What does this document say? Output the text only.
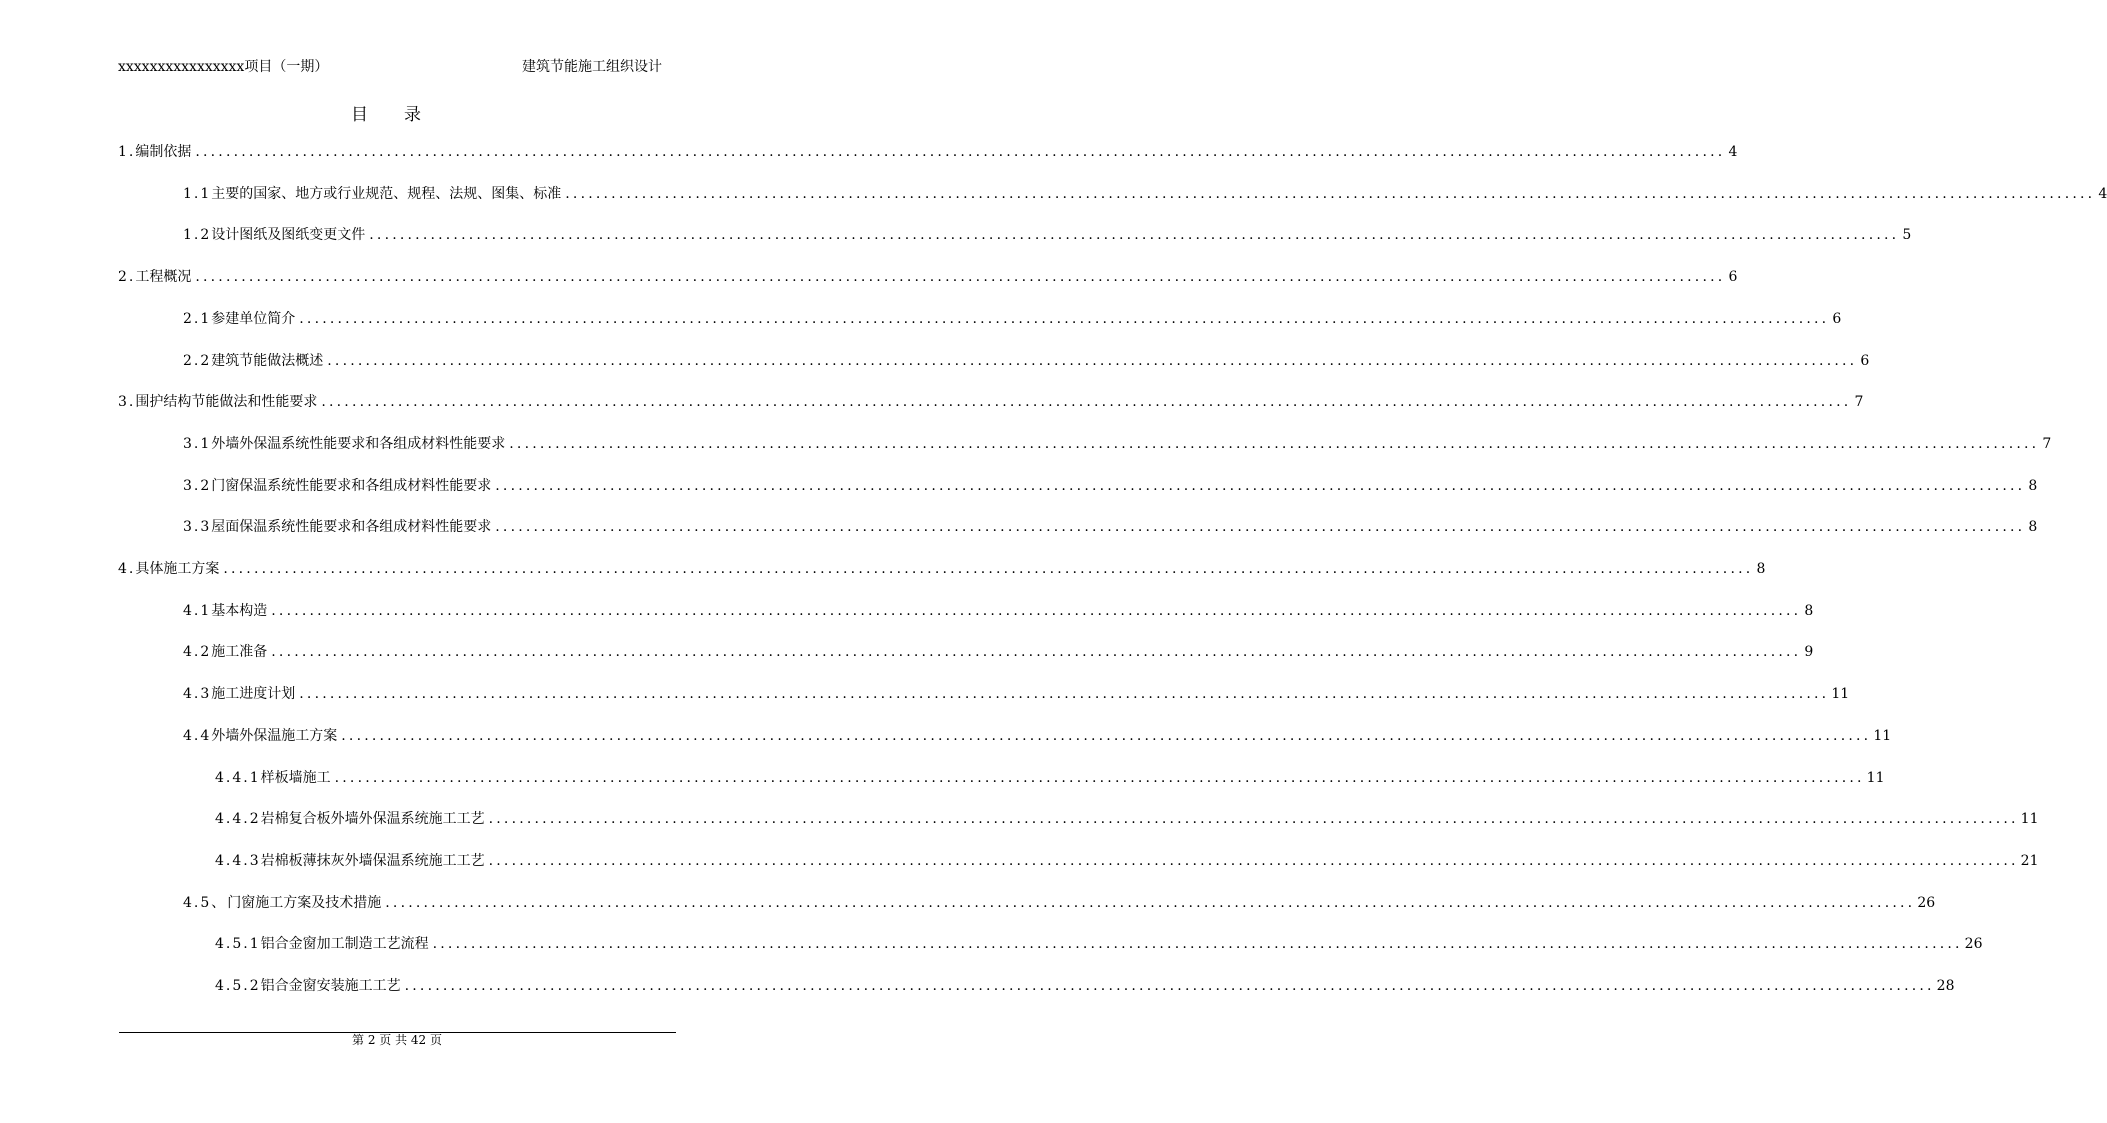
xxxxxxxxxxxxxxxx项目（一期）	建筑节能施工组织设计
目录
1. 编制依据 ........................................................................................................................................................................................................ 4
1.1 主要的国家、地方或行业规范、规程、法规、图集、标准 ........................................................................................................................................................................................................ 4
1.2 设计图纸及图纸变更文件 ........................................................................................................................................................................................................ 5
2. 工程概况 ........................................................................................................................................................................................................ 6
2.1 参建单位简介 ........................................................................................................................................................................................................ 6
2.2 建筑节能做法概述 ........................................................................................................................................................................................................ 6
3. 围护结构节能做法和性能要求 ........................................................................................................................................................................................................ 7
3.1 外墙外保温系统性能要求和各组成材料性能要求 ........................................................................................................................................................................................................ 7
3.2 门窗保温系统性能要求和各组成材料性能要求 ........................................................................................................................................................................................................ 8
3.3 屋面保温系统性能要求和各组成材料性能要求 ........................................................................................................................................................................................................ 8
4. 具体施工方案 ........................................................................................................................................................................................................ 8
4.1 基本构造 ........................................................................................................................................................................................................ 8
4.2 施工准备 ........................................................................................................................................................................................................ 9
4.3 施工进度计划 ........................................................................................................................................................................................................ 11
4.4 外墙外保温施工方案 ........................................................................................................................................................................................................ 11
4.4.1 样板墙施工 ........................................................................................................................................................................................................ 11
4.4.2 岩棉复合板外墙外保温系统施工工艺 ........................................................................................................................................................................................................ 11
4.4.3 岩棉板薄抹灰外墙保温系统施工工艺 ........................................................................................................................................................................................................ 21
4.5、 门窗施工方案及技术措施 ........................................................................................................................................................................................................ 26
4.5.1 铝合金窗加工制造工艺流程 ........................................................................................................................................................................................................ 26
4.5.2 铝合金窗安装施工工艺 ........................................................................................................................................................................................................ 28
第 2 页 共 42 页
